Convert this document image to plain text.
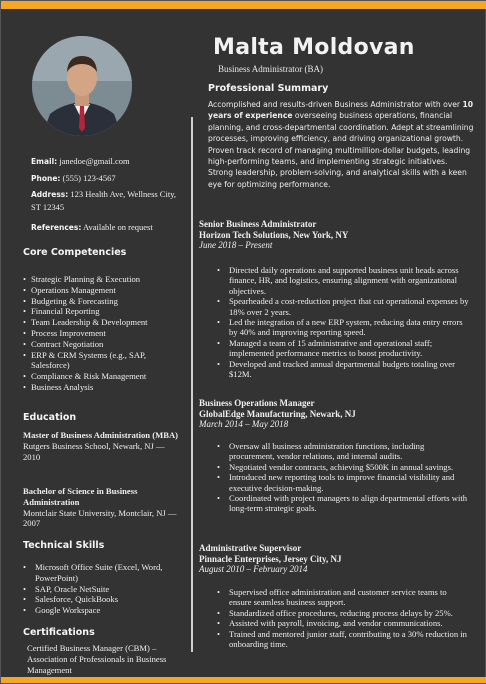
Malta Moldovan
Business Administrator (BA)
Email: janedoe@gmail.com
Phone: (555) 123-4567
Address: 123 Health Ave, Wellness City, ST 12345
References: Available on request
Core Competencies
• Strategic Planning & Execution
• Operations Management
• Budgeting & Forecasting
• Financial Reporting
• Team Leadership & Development
• Process Improvement
• Contract Negotiation
• ERP & CRM Systems (e.g., SAP, Salesforce)
• Compliance & Risk Management
• Business Analysis
Education
Master of Business Administration (MBA)
Rutgers Business School, Newark, NJ — 2010
Bachelor of Science in Business Administration
Montclair State University, Montclair, NJ — 2007
Technical Skills
• Microsoft Office Suite (Excel, Word, PowerPoint)
• SAP, Oracle NetSuite
• Salesforce, QuickBooks
• Google Workspace
Certifications
Certified Business Manager (CBM) – Association of Professionals in Business Management
Professional Summary
Accomplished and results-driven Business Administrator with over 10 years of experience overseeing business operations, financial planning, and cross-departmental coordination. Adept at streamlining processes, improving efficiency, and driving organizational growth. Proven track record of managing multimillion-dollar budgets, leading high-performing teams, and implementing strategic initiatives. Strong leadership, problem-solving, and analytical skills with a keen eye for optimizing performance.
Senior Business Administrator
Horizon Tech Solutions, New York, NY
June 2018 – Present
• Directed daily operations and supported business unit heads across finance, HR, and logistics, ensuring alignment with organizational objectives.
• Spearheaded a cost-reduction project that cut operational expenses by 18% over 2 years.
• Led the integration of a new ERP system, reducing data entry errors by 40% and improving reporting speed.
• Managed a team of 15 administrative and operational staff; implemented performance metrics to boost productivity.
• Developed and tracked annual departmental budgets totaling over $12M.
Business Operations Manager
GlobalEdge Manufacturing, Newark, NJ
March 2014 – May 2018
• Oversaw all business administration functions, including procurement, vendor relations, and internal audits.
• Negotiated vendor contracts, achieving $500K in annual savings.
• Introduced new reporting tools to improve financial visibility and executive decision-making.
• Coordinated with project managers to align departmental efforts with long-term strategic goals.
Administrative Supervisor
Pinnacle Enterprises, Jersey City, NJ
August 2010 – February 2014
• Supervised office administration and customer service teams to ensure seamless business support.
• Standardized office procedures, reducing process delays by 25%.
• Assisted with payroll, invoicing, and vendor communications.
• Trained and mentored junior staff, contributing to a 30% reduction in onboarding time.
